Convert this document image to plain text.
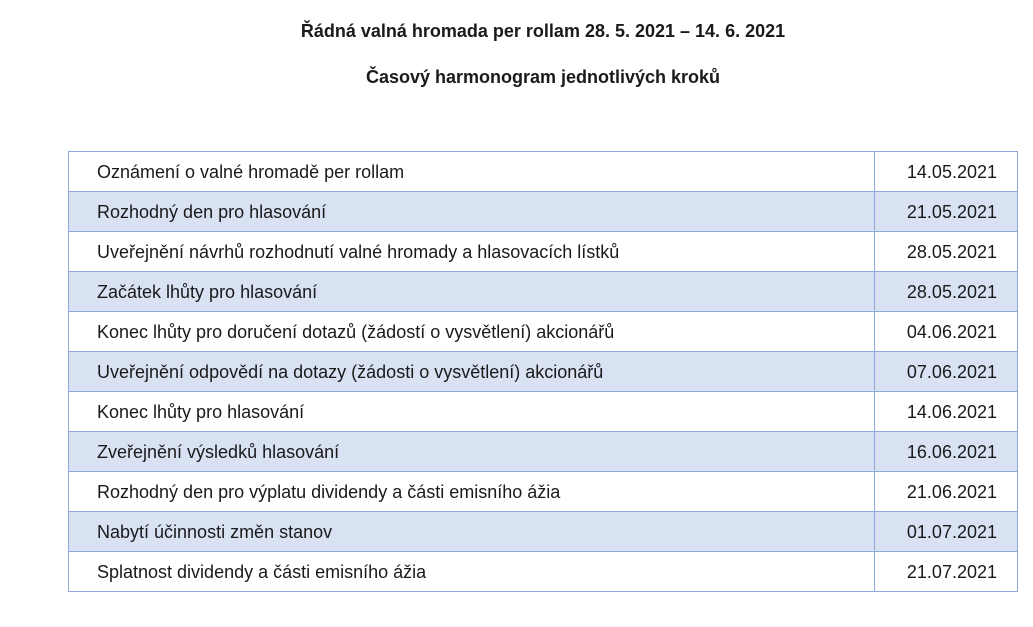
Řádná valná hromada per rollam 28. 5. 2021 – 14. 6. 2021

Časový harmonogram jednotlivých kroků

Oznámení o valné hromadě per rollam	14.05.2021
Rozhodný den pro hlasování	21.05.2021
Uveřejnění návrhů rozhodnutí valné hromady a hlasovacích lístků	28.05.2021
Začátek lhůty pro hlasování	28.05.2021
Konec lhůty pro doručení dotazů (žádostí o vysvětlení) akcionářů	04.06.2021
Uveřejnění odpovědí na dotazy (žádosti o vysvětlení) akcionářů	07.06.2021
Konec lhůty pro hlasování	14.06.2021
Zveřejnění výsledků hlasování	16.06.2021
Rozhodný den pro výplatu dividendy a části emisního ážia	21.06.2021
Nabytí účinnosti změn stanov	01.07.2021
Splatnost dividendy a části emisního ážia	21.07.2021
